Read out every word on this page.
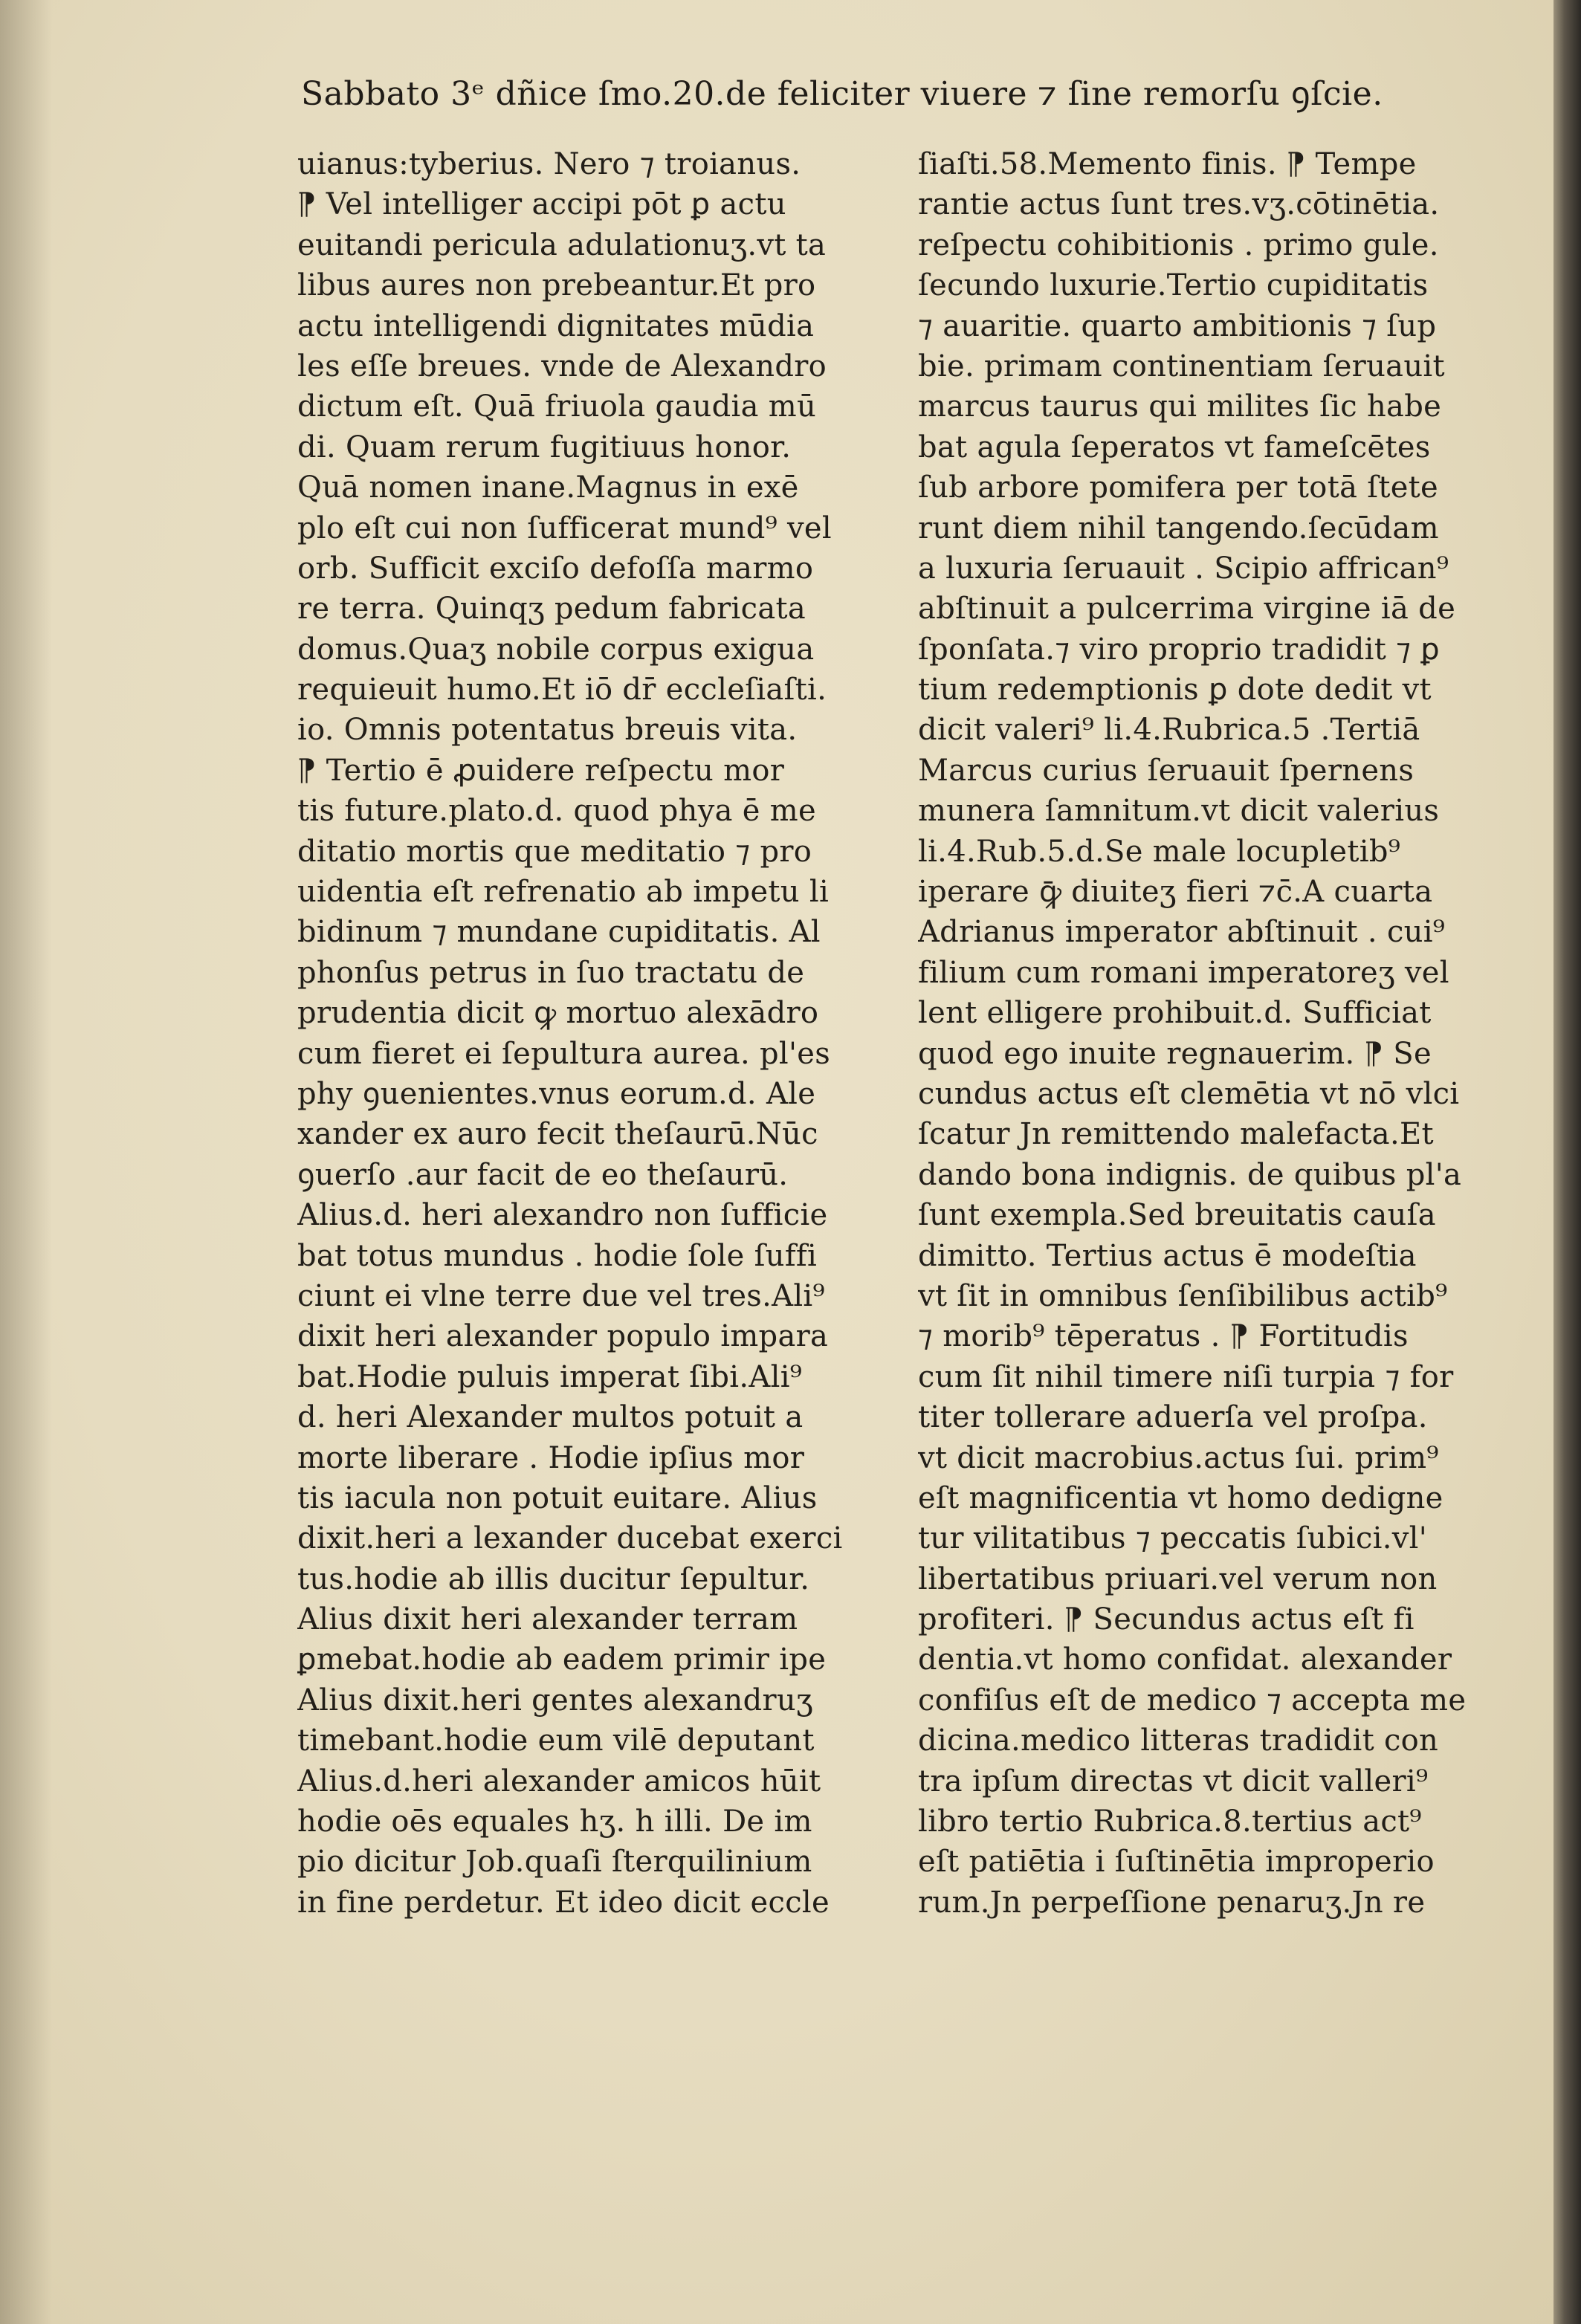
Sabbato 3ᵉ dñice ſmo.20.de feliciter viuere ⁊ ſine remorſu ꝯſcie.
uianus:tyberius. Nero ⁊ troianus.
⁋ Vel intelliger accipi pōt ꝑ actu
euitandi pericula adulationuʒ.vt ta
libus aures non prebeantur.Et pro
actu intelligendi dignitates mūdia
les eſſe breues. vnde de Alexandro
dictum eſt. Quā friuola gaudia mū
di. Quam rerum fugitiuus honor.
Quā nomen inane.Magnus in exē
plo eſt cui non ſufficerat mund⁹ vel
orb. Sufficit exciſo defoſſa marmo
re terra. Quinqʒ pedum fabricata
domus.Quaʒ nobile corpus exigua
requieuit humo.Et iō dr̄ eccleſiaſti.
io. Omnis potentatus breuis vita.
⁋ Tertio ē ꝓuidere reſpectu mor
tis future.plato.d. quod phya ē me
ditatio mortis que meditatio ⁊ pro
uidentia eſt refrenatio ab impetu li
bidinum ⁊ mundane cupiditatis. Al
phonſus petrus in ſuo tractatu de
prudentia dicit ꝙ mortuo alexādro
cum fieret ei ſepultura aurea. pl'es
phy ꝯuenientes.vnus eorum.d. Ale
xander ex auro fecit theſaurū.Nūc
ꝯuerſo .aur facit de eo theſaurū.
Alius.d. heri alexandro non ſufficie
bat totus mundus . hodie ſole ſuffi
ciunt ei vlne terre due vel tres.Ali⁹
dixit heri alexander populo impara
bat.Hodie puluis imperat ſibi.Ali⁹
d. heri Alexander multos potuit a
morte liberare . Hodie ipſius mor
tis iacula non potuit euitare. Alius
dixit.heri a lexander ducebat exerci
tus.hodie ab illis ducitur ſepultur.
Alius dixit heri alexander terram
ꝑmebat.hodie ab eadem primir ipe
Alius dixit.heri gentes alexandruʒ
timebant.hodie eum vilē deputant
Alius.d.heri alexander amicos hūit
hodie oēs equales hʒ. h illi. De im
pio dicitur Job.quaſi ſterquilinium
in fine perdetur. Et ideo dicit eccle
ſiaſti.58.Memento finis. ⁋ Tempe
rantie actus ſunt tres.vʒ.cōtinētia.
reſpectu cohibitionis . primo gule.
ſecundo luxurie.Tertio cupiditatis
⁊ auaritie. quarto ambitionis ⁊ ſup
bie. primam continentiam ſeruauit
marcus taurus qui milites ſic habe
bat agula ſeperatos vt fameſcētes
ſub arbore pomifera per totā ſtete
runt diem nihil tangendo.ſecūdam
a luxuria ſeruauit . Scipio affrican⁹
abſtinuit a pulcerrima virgine iā de
ſponſata.⁊ viro proprio tradidit ⁊ ꝑ
tium redemptionis ꝑ dote dedit vt
dicit valeri⁹ li.4.Rubrica.5 .Tertiā
Marcus curius ſeruauit ſpernens
munera ſamnitum.vt dicit valerius
li.4.Rub.5.d.Se male locupletib⁹
iperare ꝙ̄ diuiteʒ fieri ⁊c̄.A cuarta
Adrianus imperator abſtinuit . cui⁹
filium cum romani imperatoreʒ vel
lent elligere prohibuit.d. Sufficiat
quod ego inuite regnauerim. ⁋ Se
cundus actus eſt clemētia vt nō vlci
ſcatur Jn remittendo malefacta.Et
dando bona indignis. de quibus pl'a
ſunt exempla.Sed breuitatis cauſa
dimitto. Tertius actus ē modeſtia
vt ſit in omnibus ſenſibilibus actib⁹
⁊ morib⁹ tēperatus . ⁋ Fortitudis
cum ſit nihil timere niſi turpia ⁊ for
titer tollerare aduerſa vel proſpa.
vt dicit macrobius.actus ſui. prim⁹
eſt magnificentia vt homo dedigne
tur vilitatibus ⁊ peccatis ſubici.vl'
libertatibus priuari.vel verum non
profiteri. ⁋ Secundus actus eſt fi
dentia.vt homo confidat. alexander
confiſus eſt de medico ⁊ accepta me
dicina.medico litteras tradidit con
tra ipſum directas vt dicit valleri⁹
libro tertio Rubrica.8.tertius act⁹
eſt patiētia i ſuſtinētia improperio
rum.Jn perpeſſione penaruʒ.Jn re
